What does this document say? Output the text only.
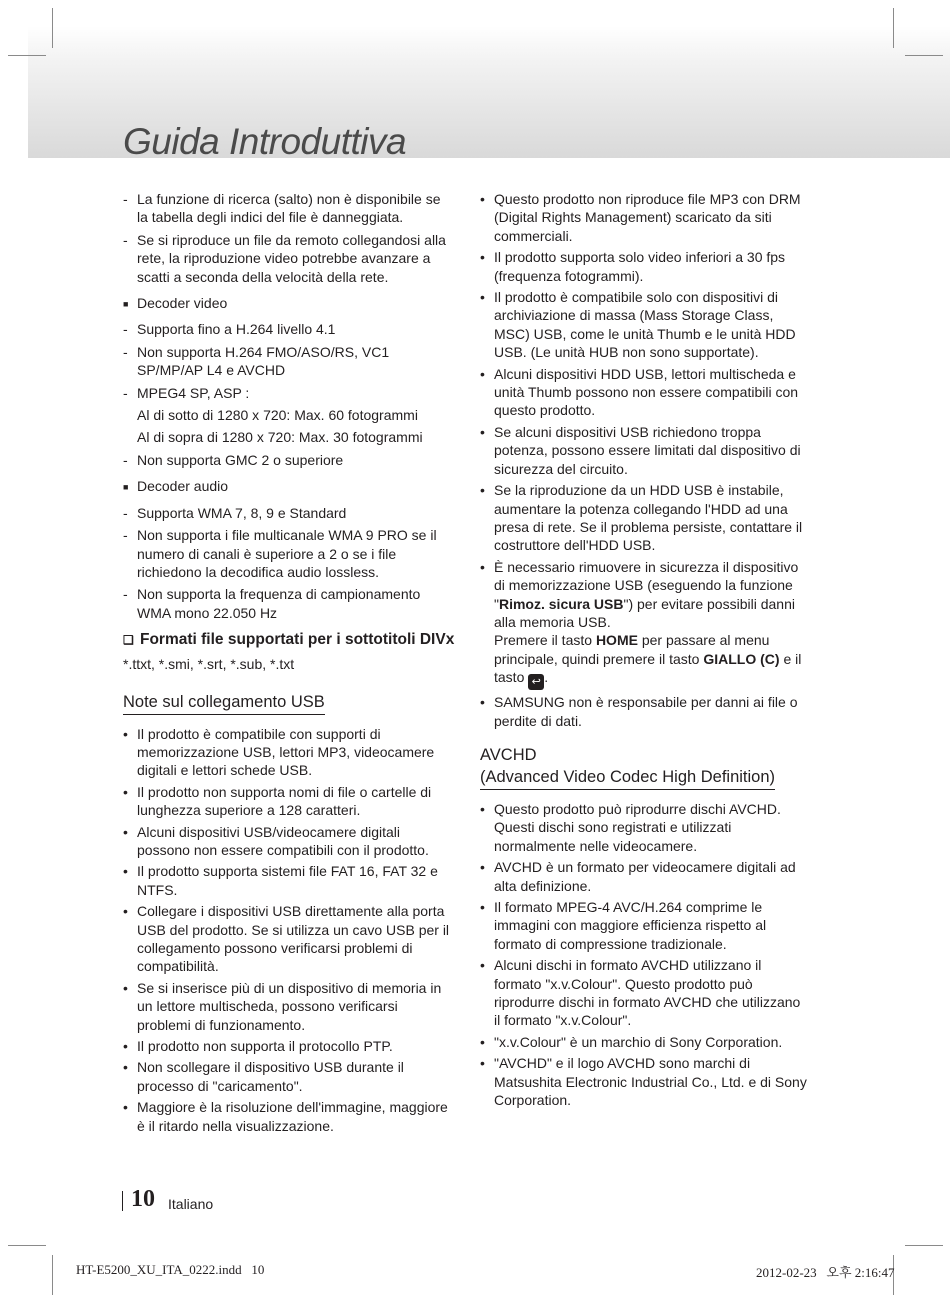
Guida Introduttiva
- La funzione di ricerca (salto) non è disponibile se la tabella degli indici del file è danneggiata.
- Se si riproduce un file da remoto collegandosi alla rete, la riproduzione video potrebbe avanzare a scatti a seconda della velocità della rete.
■ Decoder video
- Supporta fino a H.264 livello 4.1
- Non supporta H.264 FMO/ASO/RS, VC1 SP/MP/AP L4 e AVCHD
- MPEG4 SP, ASP :
Al di sotto di 1280 x 720: Max. 60 fotogrammi
Al di sopra di 1280 x 720: Max. 30 fotogrammi
- Non supporta GMC 2 o superiore
■ Decoder audio
- Supporta WMA 7, 8, 9 e Standard
- Non supporta i file multicanale WMA 9 PRO se il numero di canali è superiore a 2 o se i file richiedono la decodifica audio lossless.
- Non supporta la frequenza di campionamento WMA mono 22.050 Hz
❑ Formati file supportati per i sottotitoli DIVx
*.ttxt, *.smi, *.srt, *.sub, *.txt
Note sul collegamento USB
• Il prodotto è compatibile con supporti di memorizzazione USB, lettori MP3, videocamere digitali e lettori schede USB.
• Il prodotto non supporta nomi di file o cartelle di lunghezza superiore a 128 caratteri.
• Alcuni dispositivi USB/videocamere digitali possono non essere compatibili con il prodotto.
• Il prodotto supporta sistemi file FAT 16, FAT 32 e NTFS.
• Collegare i dispositivi USB direttamente alla porta USB del prodotto. Se si utilizza un cavo USB per il collegamento possono verificarsi problemi di compatibilità.
• Se si inserisce più di un dispositivo di memoria in un lettore multischeda, possono verificarsi problemi di funzionamento.
• Il prodotto non supporta il protocollo PTP.
• Non scollegare il dispositivo USB durante il processo di "caricamento".
• Maggiore è la risoluzione dell'immagine, maggiore è il ritardo nella visualizzazione.
• Questo prodotto non riproduce file MP3 con DRM (Digital Rights Management) scaricato da siti commerciali.
• Il prodotto supporta solo video inferiori a 30 fps (frequenza fotogrammi).
• Il prodotto è compatibile solo con dispositivi di archiviazione di massa (Mass Storage Class, MSC) USB, come le unità Thumb e le unità HDD USB. (Le unità HUB non sono supportate).
• Alcuni dispositivi HDD USB, lettori multischeda e unità Thumb possono non essere compatibili con questo prodotto.
• Se alcuni dispositivi USB richiedono troppa potenza, possono essere limitati dal dispositivo di sicurezza del circuito.
• Se la riproduzione da un HDD USB è instabile, aumentare la potenza collegando l'HDD ad una presa di rete. Se il problema persiste, contattare il costruttore dell'HDD USB.
• È necessario rimuovere in sicurezza il dispositivo di memorizzazione USB (eseguendo la funzione "Rimoz. sicura USB") per evitare possibili danni alla memoria USB.
Premere il tasto HOME per passare al menu principale, quindi premere il tasto GIALLO (C) e il tasto ↩ .
• SAMSUNG non è responsabile per danni ai file o perdite di dati.
AVCHD
(Advanced Video Codec High Definition)
• Questo prodotto può riprodurre dischi AVCHD. Questi dischi sono registrati e utilizzati normalmente nelle videocamere.
• AVCHD è un formato per videocamere digitali ad alta definizione.
• Il formato MPEG-4 AVC/H.264 comprime le immagini con maggiore efficienza rispetto al formato di compressione tradizionale.
• Alcuni dischi in formato AVCHD utilizzano il formato "x.v.Colour". Questo prodotto può riprodurre dischi in formato AVCHD che utilizzano il formato "x.v.Colour".
• "x.v.Colour" è un marchio di Sony Corporation.
• "AVCHD" e il logo AVCHD sono marchi di Matsushita Electronic Industrial Co., Ltd. e di Sony Corporation.
10 Italiano
HT-E5200_XU_ITA_0222.indd   10	2012-02-23   오후 2:16:47
